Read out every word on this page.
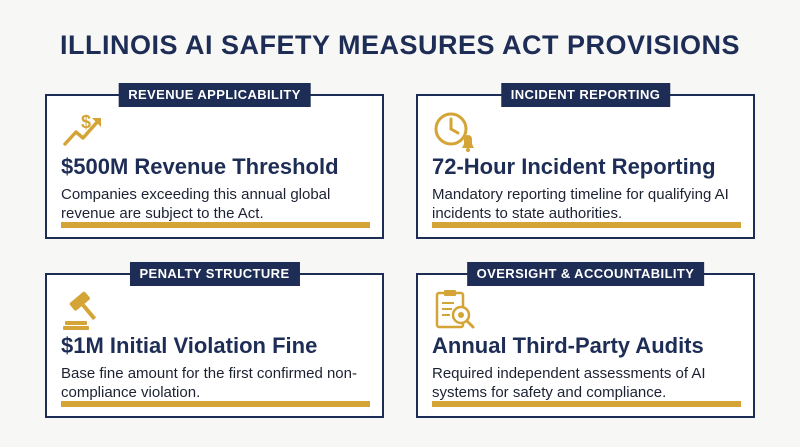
ILLINOIS AI SAFETY MEASURES ACT PROVISIONS
REVENUE APPLICABILITY
$
$500M Revenue Threshold
Companies exceeding this annual global revenue are subject to the Act.
INCIDENT REPORTING
72-Hour Incident Reporting
Mandatory reporting timeline for qualifying AI incidents to state authorities.
PENALTY STRUCTURE
$1M Initial Violation Fine
Base fine amount for the first confirmed non-compliance violation.
OVERSIGHT & ACCOUNTABILITY
Annual Third-Party Audits
Required independent assessments of AI systems for safety and compliance.
